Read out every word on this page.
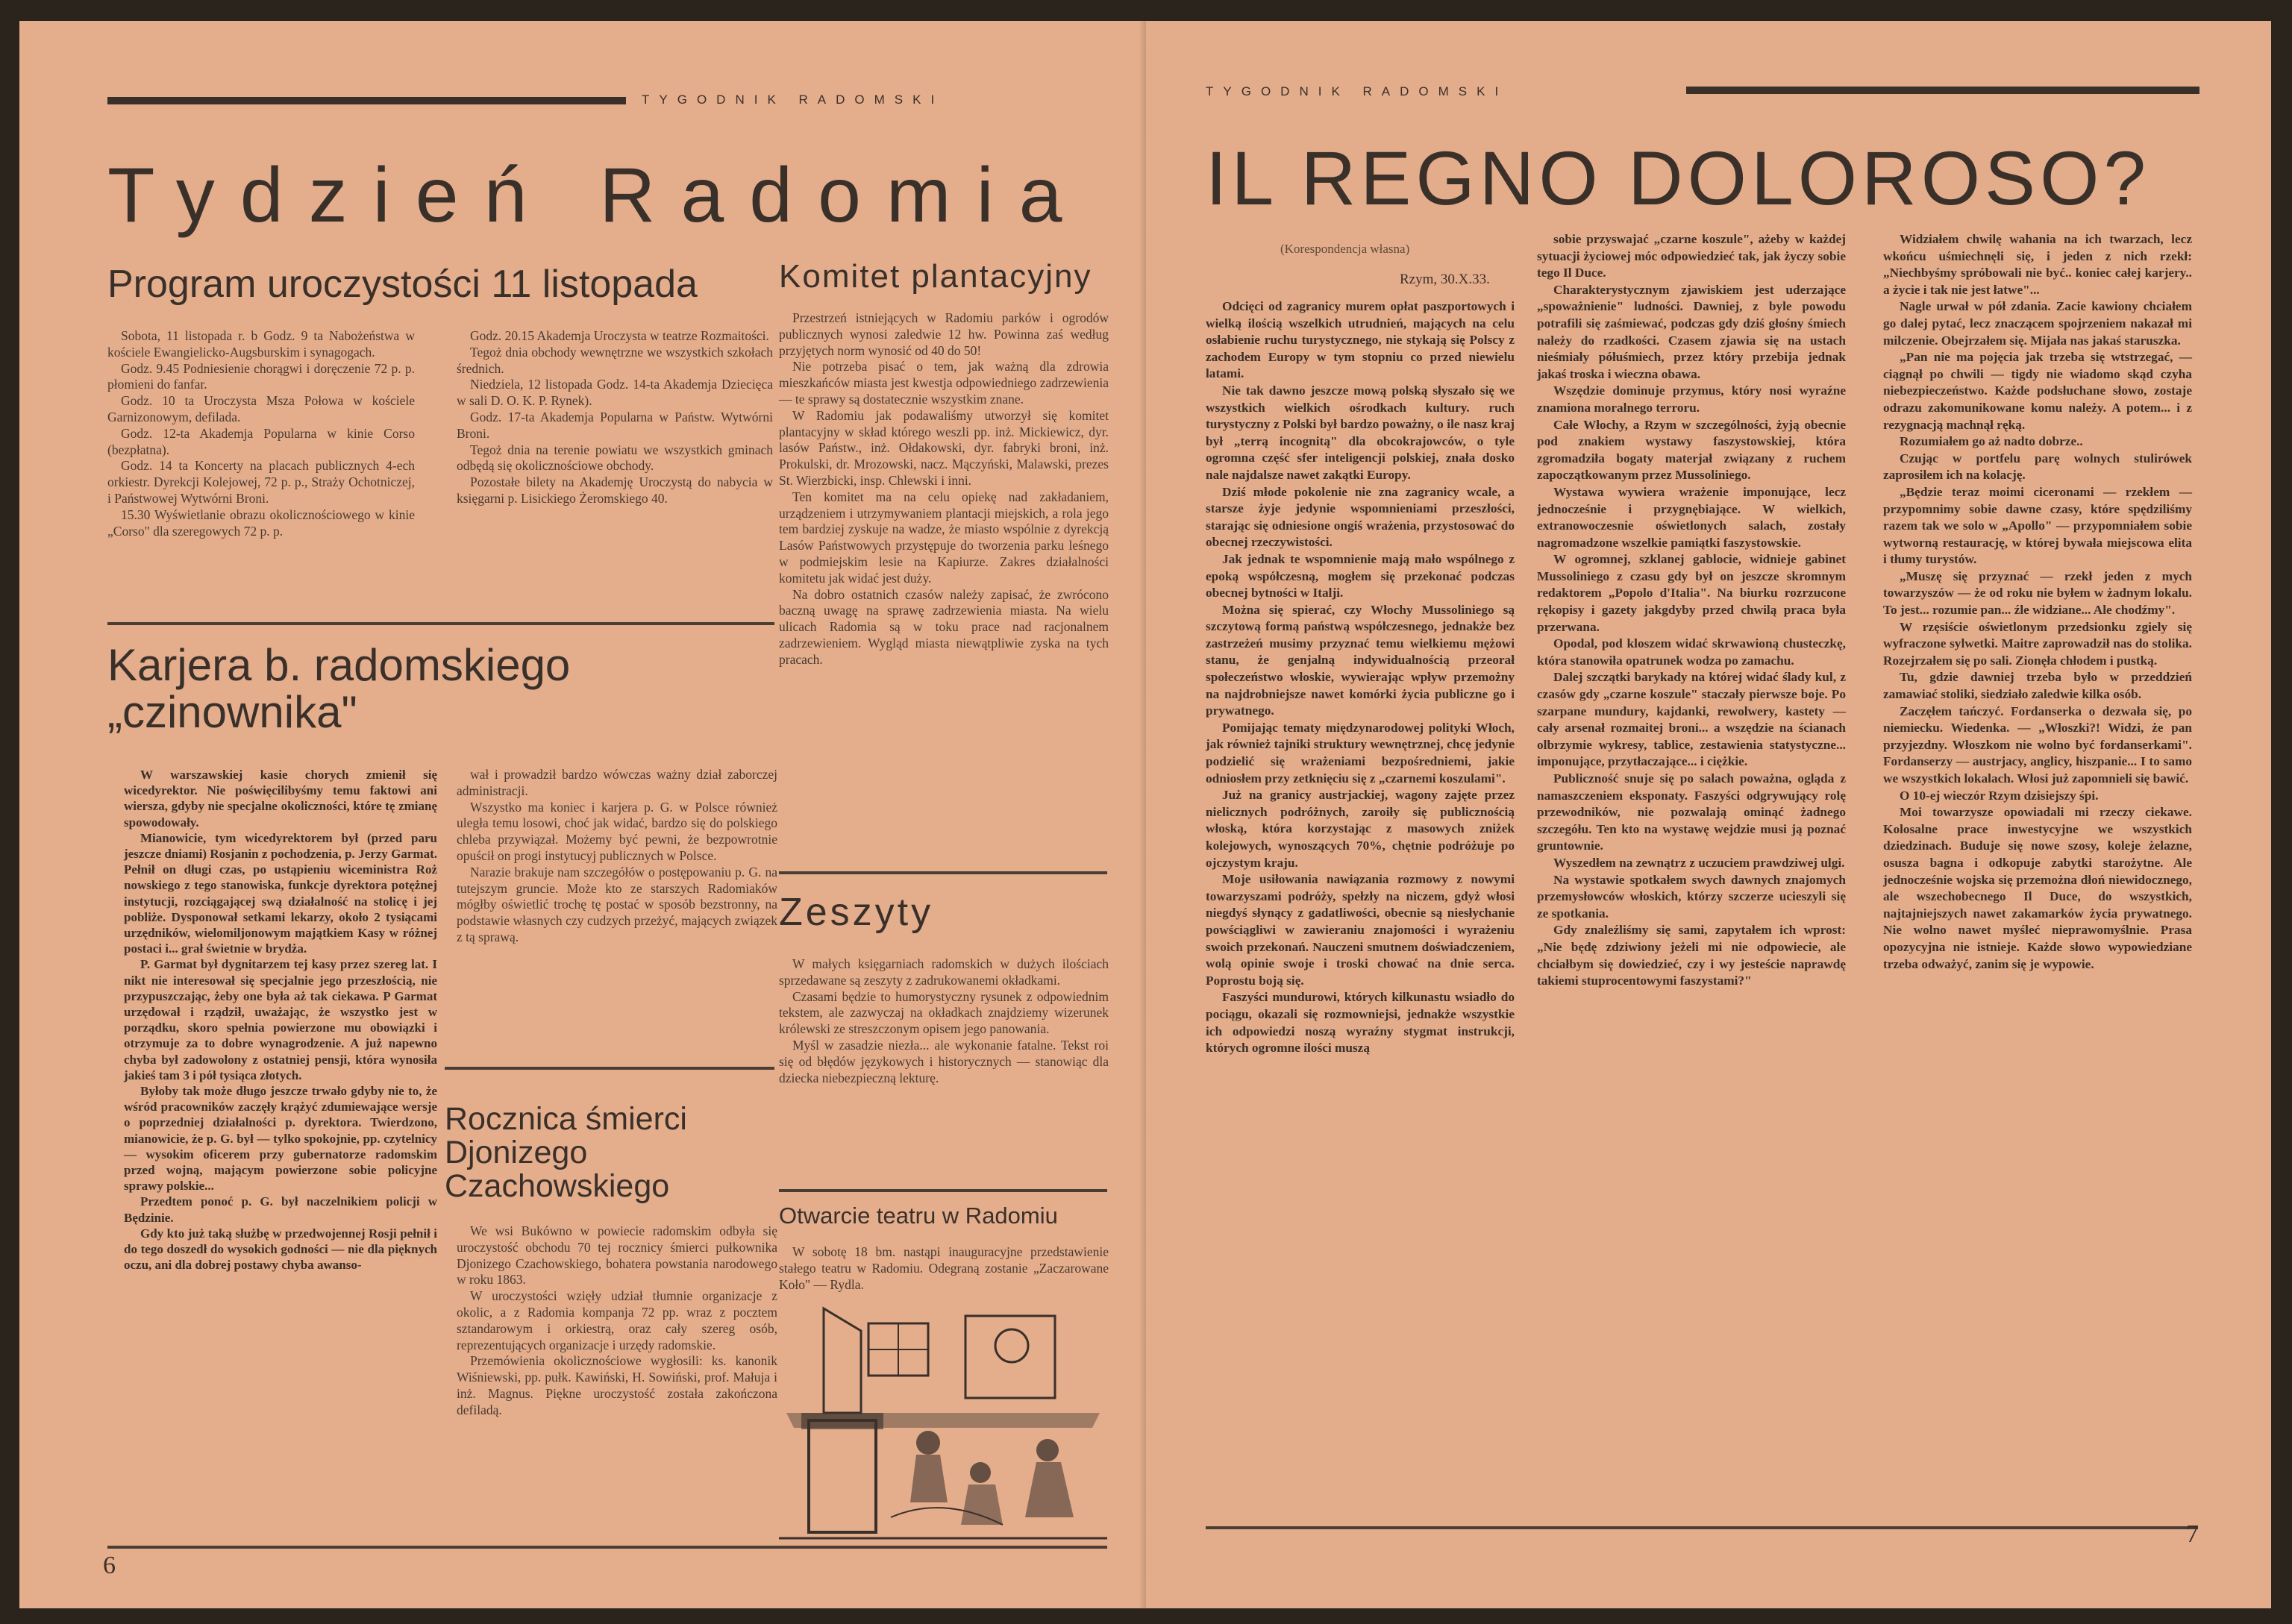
TYGODNIK RADOMSKI
Tydzień Radomia
Program uroczystości 11 listopada

Sobota, 11 listopada r. b Godz. 9 ta Nabożeństwa w kościele Ewangielicko-Augsburskim i synagogach.

Godz. 9.45 Podniesienie chorągwi i doręczenie 72 p. p. płomieni do fanfar.

Godz. 10 ta Uroczysta Msza Połowa w kościele Garnizonowym, defilada.

Godz. 12-ta Akademja Popularna w kinie Corso (bezpłatna).

Godz. 14 ta Koncerty na placach publicznych 4-ech orkiestr. Dyrekcji Kolejowej, 72 p. p., Straży Ochotniczej, i Państwowej Wytwórni Broni.

15.30 Wyświetlanie obrazu okolicznościowego w kinie „Corso" dla szeregowych 72 p. p.

Godz. 20.15 Akademja Uroczysta w teatrze Rozmaitości.

Tegoż dnia obchody wewnętrzne we wszystkich szkołach średnich.

Niedziela, 12 listopada Godz. 14-ta Akademja Dziecięca w sali D. O. K. P. Rynek).

Godz. 17-ta Akademja Popularna w Państw. Wytwórni Broni.

Tegoż dnia na terenie powiatu we wszystkich gminach odbędą się okolicznościowe obchody.

Pozostałe bilety na Akademję Uroczystą do nabycia w księgarni p. Lisickiego Żeromskiego 40.

Karjera b. radomskiego „czinownika"

W warszawskiej kasie chorych zmienił się wicedyrektor. Nie poświęcilibyśmy temu faktowi ani wiersza, gdyby nie specjalne okoliczności, które tę zmianę spowodowały.

Mianowicie, tym wicedyrektorem był (przed paru jeszcze dniami) Rosjanin z pochodzenia, p. Jerzy Garmat. Pełnił on długi czas, po ustąpieniu wiceministra Roż nowskiego z tego stanowiska, funkcje dyrektora potężnej instytucji, rozciągającej swą działalność na stolicę i jej pobliże. Dysponował setkami lekarzy, około 2 tysiącami urzędników, wielomiljonowym majątkiem Kasy w różnej postaci i... grał świetnie w brydża.

P. Garmat był dygnitarzem tej kasy przez szereg lat. I nikt nie interesował się specjalnie jego przeszłością, nie przypuszczając, żeby one była aż tak ciekawa. P Garmat urzędował i rządził, uważając, że wszystko jest w porządku, skoro spełnia powierzone mu obowiązki i otrzymuje za to dobre wynagrodzenie. A już napewno chyba był zadowolony z ostatniej pensji, która wynosiła jakieś tam 3 i pół tysiąca złotych.

Byłoby tak może długo jeszcze trwało gdyby nie to, że wśród pracowników zaczęły krążyć zdumiewające wersje o poprzedniej działalności p. dyrektora. Twierdzono, mianowicie, że p. G. był — tylko spokojnie, pp. czytelnicy — wysokim oficerem przy gubernatorze radomskim przed wojną, mającym powierzone sobie policyjne sprawy polskie...

Przedtem ponoć p. G. był naczelnikiem policji w Będzinie.

Gdy kto już taką służbę w przedwojennej Rosji pełnił i do tego doszedł do wysokich godności — nie dla pięknych oczu, ani dla dobrej postawy chyba awanso-

wał i prowadził bardzo wówczas ważny dział zaborczej administracji.

Wszystko ma koniec i karjera p. G. w Polsce również uległa temu losowi, choć jak widać, bardzo się do polskiego chleba przywiązał. Możemy być pewni, że bezpowrotnie opuścił on progi instytucyj publicznych w Polsce.

Narazie brakuje nam szczegółów o postępowaniu p. G. na tutejszym gruncie. Może kto ze starszych Radomiaków mógłby oświetlić trochę tę postać w sposób bezstronny, na podstawie własnych czy cudzych przeżyć, mających związek z tą sprawą.

Rocznica śmierci Djonizego Czachowskiego

We wsi Bukówno w powiecie radomskim odbyła się uroczystość obchodu 70 tej rocznicy śmierci pułkownika Djonizego Czachowskiego, bohatera powstania narodowego w roku 1863.

W uroczystości wzięły udział tłumnie organizacje z okolic, a z Radomia kompanja 72 pp. wraz z pocztem sztandarowym i orkiestrą, oraz cały szereg osób, reprezentujących organizacje i urzędy radomskie.

Przemówienia okolicznościowe wygłosili: ks. kanonik Wiśniewski, pp. pułk. Kawiński, H. Sowiński, prof. Małuja i inż. Magnus. Piękne uroczystość została zakończona defiladą.

Komitet plantacyjny

Przestrzeń istniejących w Radomiu parków i ogrodów publicznych wynosi zaledwie 12 hw. Powinna zaś według przyjętych norm wynosić od 40 do 50!

Nie potrzeba pisać o tem, jak ważną dla zdrowia mieszkańców miasta jest kwestja odpowiedniego zadrzewienia — te sprawy są dostatecznie wszystkim znane.

W Radomiu jak podawaliśmy utworzył się komitet plantacyjny w skład którego weszli pp. inż. Mickiewicz, dyr. lasów Państw., inż. Ołdakowski, dyr. fabryki broni, inż. Prokulski, dr. Mrozowski, nacz. Mączyński, Malawski, prezes St. Wierzbicki, insp. Chlewski i inni.

Ten komitet ma na celu opiekę nad zakładaniem, urządzeniem i utrzymywaniem plantacji miejskich, a rola jego tem bardziej zyskuje na wadze, że miasto wspólnie z dyrekcją Lasów Państwowych przystępuje do tworzenia parku leśnego w podmiejskim lesie na Kapiurze. Zakres działalności komitetu jak widać jest duży.

Na dobro ostatnich czasów należy zapisać, że zwrócono baczną uwagę na sprawę zadrzewienia miasta. Na wielu ulicach Radomia są w toku prace nad racjonalnem zadrzewieniem. Wygląd miasta niewątpliwie zyska na tych pracach.

Zeszyty

W małych księgarniach radomskich w dużych ilościach sprzedawane są zeszyty z zadrukowanemi okładkami.

Czasami będzie to humorystyczny rysunek z odpowiednim tekstem, ale zazwyczaj na okładkach znajdziemy wizerunek królewski ze streszczonym opisem jego panowania.

Myśl w zasadzie niezła... ale wykonanie fatalne. Tekst roi się od błędów językowych i historycznych — stanowiąc dla dziecka niebezpieczną lekturę.

Otwarcie teatru w Radomiu

W sobotę 18 bm. nastąpi inauguracyjne przedstawienie stałego teatru w Radomiu. Odegraną zostanie „Zaczarowane Koło" — Rydla.

6
TYGODNIK RADOMSKI
IL REGNO DOLOROSO?
(Korespondencja własna)
Rzym, 30.X.33.

Odcięci od zagranicy murem opłat paszportowych i wielką ilością wszelkich utrudnień, mających na celu osłabienie ruchu turystycznego, nie stykają się Polscy z zachodem Europy w tym stopniu co przed niewielu latami.

Nie tak dawno jeszcze mową polską słyszało się we wszystkich wielkich ośrodkach kultury. ruch turystyczny z Polski był bardzo poważny, o ile nasz kraj był „terrą incognitą" dla obcokrajowców, o tyle ogromna część sfer inteligencji polskiej, znała dosko nale najdalsze nawet zakątki Europy.

Dziś młode pokolenie nie zna zagranicy wcale, a starsze żyje jedynie wspomnieniami przeszłości, starając się odniesione ongiś wrażenia, przystosować do obecnej rzeczywistości.

Jak jednak te wspomnienie mają mało wspólnego z epoką współczesną, mogłem się przekonać podczas obecnej bytności w Italji.

Można się spierać, czy Włochy Mussoliniego są szczytową formą państwą współczesnego, jednakże bez zastrzeżeń musimy przyznać temu wielkiemu mężowi stanu, że genjalną indywidualnością przeorał społeczeństwo włoskie, wywierając wpływ przemożny na najdrobniejsze nawet komórki życia publiczne go i prywatnego.

Pomijając tematy międzynarodowej polityki Włoch, jak również tajniki struktury wewnętrznej, chcę jedynie podzielić się wrażeniami bezpośredniemi, jakie odniosłem przy zetknięciu się z „czarnemi koszulami".

Już na granicy austrjackiej, wagony zajęte przez nielicznych podróżnych, zaroiły się publicznością włoską, która korzystając z masowych zniżek kolejowych, wynoszących 70%, chętnie podróżuje po ojczystym kraju.

Moje usiłowania nawiązania rozmowy z nowymi towarzyszami podróży, spełzły na niczem, gdyż włosi niegdyś słynący z gadatliwości, obecnie są niesłychanie powściągliwi w zawieraniu znajomości i wyrażeniu swoich przekonań. Nauczeni smutnem doświadczeniem, wolą opinie swoje i troski chować na dnie serca. Poprostu boją się.

Faszyści mundurowi, których kilkunastu wsiadło do pociągu, okazali się rozmowniejsi, jednakże wszystkie ich odpowiedzi noszą wyraźny stygmat instrukcji, których ogromne ilości muszą

sobie przyswajać „czarne koszule", ażeby w każdej sytuacji życiowej móc odpowiedzieć tak, jak życzy sobie tego Il Duce.

Charakterystycznym zjawiskiem jest uderzające „spoważnienie" ludności. Dawniej, z byle powodu potrafili się zaśmiewać, podczas gdy dziś głośny śmiech należy do rzadkości. Czasem zjawia się na ustach nieśmiały półuśmiech, przez który przebija jednak jakaś troska i wieczna obawa.

Wszędzie dominuje przymus, który nosi wyraźne znamiona moralnego terroru.

Całe Włochy, a Rzym w szczególności, żyją obecnie pod znakiem wystawy faszystowskiej, która zgromadziła bogaty materjał związany z ruchem zapoczątkowanym przez Mussoliniego.

Wystawa wywiera wrażenie imponujące, lecz jednocześnie i przygnębiające. W wielkich, extranowoczesnie oświetlonych salach, zostały nagromadzone wszelkie pamiątki faszystowskie.

W ogromnej, szklanej gablocie, widnieje gabinet Mussoliniego z czasu gdy był on jeszcze skromnym redaktorem „Popolo d'Italia". Na biurku rozrzucone rękopisy i gazety jakgdyby przed chwilą praca była przerwana.

Opodal, pod kloszem widać skrwawioną chusteczkę, która stanowiła opatrunek wodza po zamachu.

Dalej szczątki barykady na której widać ślady kul, z czasów gdy „czarne koszule" staczały pierwsze boje. Po szarpane mundury, kajdanki, rewolwery, kastety — cały arsenał rozmaitej broni... a wszędzie na ścianach olbrzymie wykresy, tablice, zestawienia statystyczne... imponujące, przytłaczające... i ciężkie.

Publiczność snuje się po salach poważna, ogląda z namaszczeniem eksponaty. Faszyści odgrywujący rolę przewodników, nie pozwalają ominąć żadnego szczegółu. Ten kto na wystawę wejdzie musi ją poznać gruntownie.

Wyszedłem na zewnątrz z uczuciem prawdziwej ulgi.

Na wystawie spotkałem swych dawnych znajomych przemysłowców włoskich, którzy szczerze ucieszyli się ze spotkania.

Gdy znaleźliśmy się sami, zapytałem ich wprost: „Nie będę zdziwiony jeżeli mi nie odpowiecie, ale chciałbym się dowiedzieć, czy i wy jesteście naprawdę takiemi stuprocentowymi faszystami?"

Widziałem chwilę wahania na ich twarzach, lecz wkońcu uśmiechnęli się, i jeden z nich rzekł: „Niechbyśmy spróbowali nie być.. koniec całej karjery.. a życie i tak nie jest łatwe"...

Nagle urwał w pół zdania. Zacie kawiony chciałem go dalej pytać, lecz znaczącem spojrzeniem nakazał mi milczenie. Obejrzałem się. Mijała nas jakaś staruszka.

„Pan nie ma pojęcia jak trzeba się wtstrzegać, — ciągnął po chwili — tigdy nie wiadomo skąd czyha niebezpieczeństwo. Każde podsłuchane słowo, zostaje odrazu zakomunikowane komu należy. A potem... i z rezygnacją machnął ręką.

Rozumiałem go aż nadto dobrze..

Czując w portfelu parę wolnych stulirówek zaprosiłem ich na kolację.

„Będzie teraz moimi ciceronami — rzekłem — przypomnimy sobie dawne czasy, które spędziliśmy razem tak we solo w „Apollo" — przypomniałem sobie wytworną restaurację, w której bywała miejscowa elita i tłumy turystów.

„Muszę się przyznać — rzekł jeden z mych towarzyszów — że od roku nie byłem w żadnym lokalu. To jest... rozumie pan... źle widziane... Ale chodźmy".

W rzęsiście oświetlonym przedsionku zgiely się wyfraczone sylwetki. Maitre zaprowadził nas do stolika. Rozejrzałem się po sali. Zionęła chłodem i pustką.

Tu, gdzie dawniej trzeba było w przeddzień zamawiać stoliki, siedziało zaledwie kilka osób.

Zaczęłem tańczyć. Fordanserka o dezwała się, po niemiecku. Wiedenka. — „Włoszki?! Widzi, że pan przyjezdny. Włoszkom nie wolno być fordanserkami". Fordanserzy — austrjacy, anglicy, hiszpanie... I to samo we wszystkich lokalach. Włosi już zapomnieli się bawić.

O 10-ej wieczór Rzym dzisiejszy śpi.

Moi towarzysze opowiadali mi rzeczy ciekawe. Kolosalne prace inwestycyjne we wszystkich dziedzinach. Buduje się nowe szosy, koleje żelazne, osusza bagna i odkopuje zabytki starożytne. Ale jednocześnie wojska się przemożna dłoń niewidocznego, ale wszechobecnego Il Duce, do wszystkich, najtajniejszych nawet zakamarków życia prywatnego. Nie wolno nawet myśleć nieprawomyślnie. Prasa opozycyjna nie istnieje. Każde słowo wypowiedziane trzeba odważyć, zanim się je wypowie.

7
